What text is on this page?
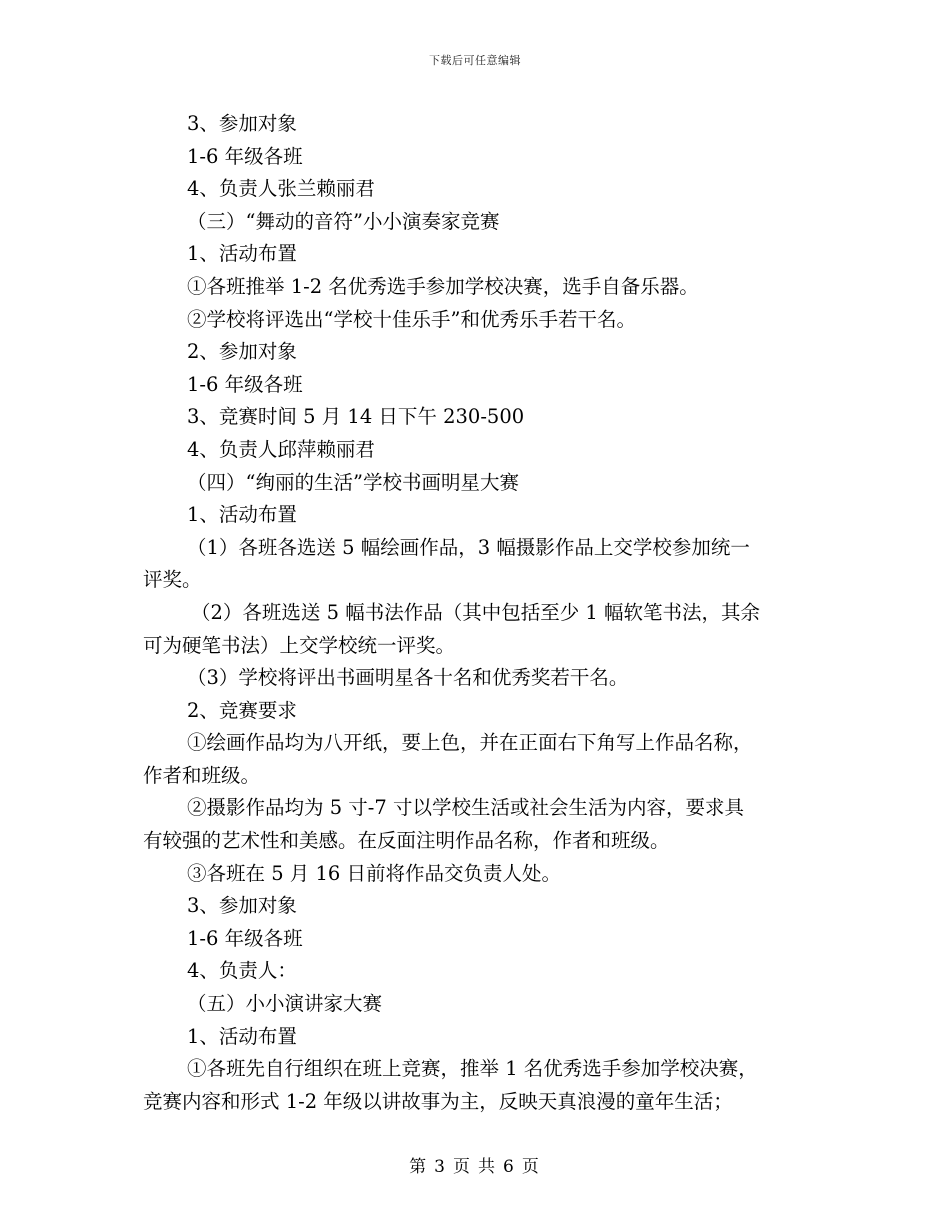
下载后可任意编辑
3、参加对象
1-6 年级各班
4、负责人张兰赖丽君
（三）“舞动的音符”小小演奏家竞赛
1、活动布置
①各班推举 1-2 名优秀选手参加学校决赛，选手自备乐器。
②学校将评选出“学校十佳乐手”和优秀乐手若干名。
2、参加对象
1-6 年级各班
3、竞赛时间 5 月 14 日下午 230-500
4、负责人邱萍赖丽君
（四）“绚丽的生活”学校书画明星大赛
1、活动布置
（1）各班各选送 5 幅绘画作品，3 幅摄影作品上交学校参加统一
评奖。
（2）各班选送 5 幅书法作品（其中包括至少 1 幅软笔书法，其余
可为硬笔书法）上交学校统一评奖。
（3）学校将评出书画明星各十名和优秀奖若干名。
2、竞赛要求
①绘画作品均为八开纸，要上色，并在正面右下角写上作品名称，
作者和班级。
②摄影作品均为 5 寸-7 寸以学校生活或社会生活为内容，要求具
有较强的艺术性和美感。在反面注明作品名称，作者和班级。
③各班在 5 月 16 日前将作品交负责人处。
3、参加对象
1-6 年级各班
4、负责人：
（五）小小演讲家大赛
1、活动布置
①各班先自行组织在班上竞赛，推举 1 名优秀选手参加学校决赛，
竞赛内容和形式 1-2 年级以讲故事为主，反映天真浪漫的童年生活；
第 3 页 共 6 页
